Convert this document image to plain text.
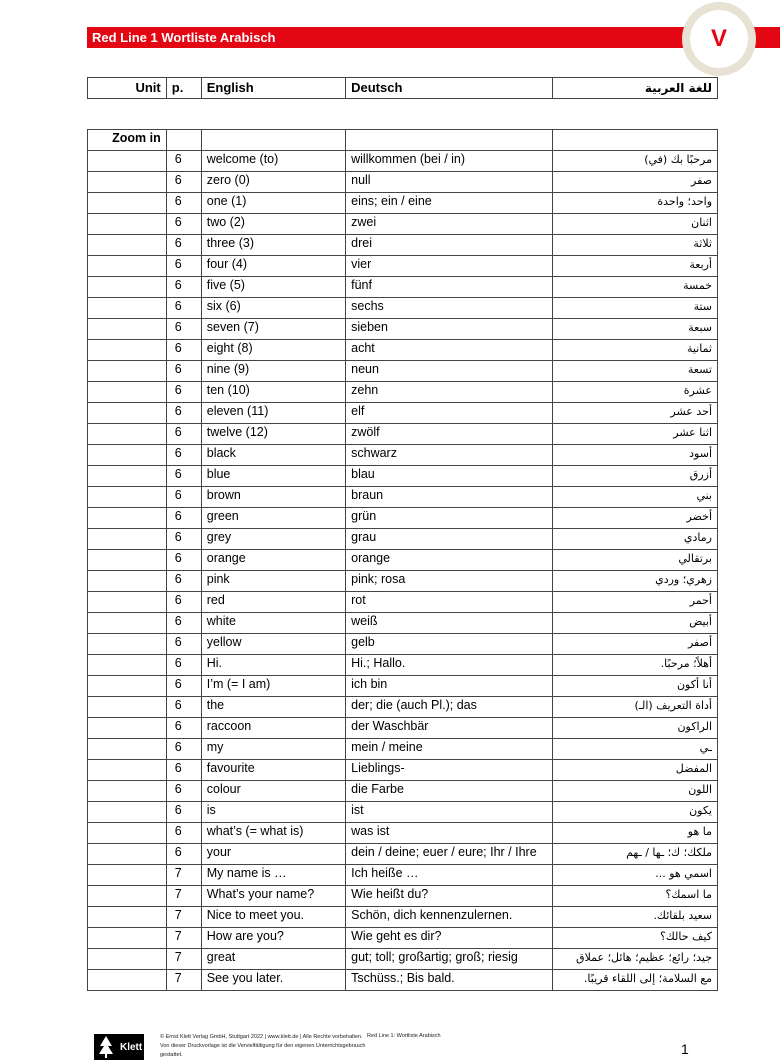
Red Line 1 Wortliste Arabisch	V
Unit	p.	English	Deutsch	للغة العربية
Zoom in				
	6	welcome (to)	willkommen (bei / in)	مرحبًا بك (في)
	6	zero (0)	null	صفر
	6	one (1)	eins; ein / eine	واحد؛ واحدة
	6	two (2)	zwei	اثنان
	6	three (3)	drei	ثلاثة
	6	four (4)	vier	أربعة
	6	five (5)	fünf	خمسة
	6	six (6)	sechs	ستة
	6	seven (7)	sieben	سبعة
	6	eight (8)	acht	ثمانية
	6	nine (9)	neun	تسعة
	6	ten (10)	zehn	عشرة
	6	eleven (11)	elf	أحد عشر
	6	twelve (12)	zwölf	اثنا عشر
	6	black	schwarz	أسود
	6	blue	blau	أزرق
	6	brown	braun	بني
	6	green	grün	أخضر
	6	grey	grau	رمادي
	6	orange	orange	برتقالي
	6	pink	pink; rosa	زهري؛ وردي
	6	red	rot	أحمر
	6	white	weiß	أبيض
	6	yellow	gelb	أصفر
	6	Hi.	Hi.; Hallo.	أهلاً؛ مرحبًا.
	6	I’m (= I am)	ich bin	أنا أكون
	6	the	der; die (auch Pl.); das	أداة التعريف (الـ)
	6	raccoon	der Waschbär	الراكون
	6	my	mein / meine	ـي
	6	favourite	Lieblings-	المفضل
	6	colour	die Farbe	اللون
	6	is	ist	يكون
	6	what’s (= what is)	was ist	ما هو
	6	your	dein / deine; euer / eure; Ihr / Ihre	ملكك؛ ك؛ ـها / ـهم
	7	My name is …	Ich heiße …	اسمي هو ...
	7	What’s your name?	Wie heißt du?	ما اسمك؟
	7	Nice to meet you.	Schön, dich kennenzulernen.	سعيد بلقائك.
	7	How are you?	Wie geht es dir?	كيف حالك؟
	7	great	gut; toll; großartig; groß; riesig	جيد؛ رائع؛ عظيم؛ هائل؛ عملاق
	7	See you later.	Tschüss.; Bis bald.	مع السلامة؛ إلى اللقاء قريبًا.
Klett
© Ernst Klett Verlag GmbH, Stuttgart 2022 | www.klett.de | Alle Rechte vorbehalten. Von dieser Druckvorlage ist die Vervielfältigung für den eigenen Unterrichtsgebrauch gestattet.
Red Line 1: Wortliste Arabisch
1
